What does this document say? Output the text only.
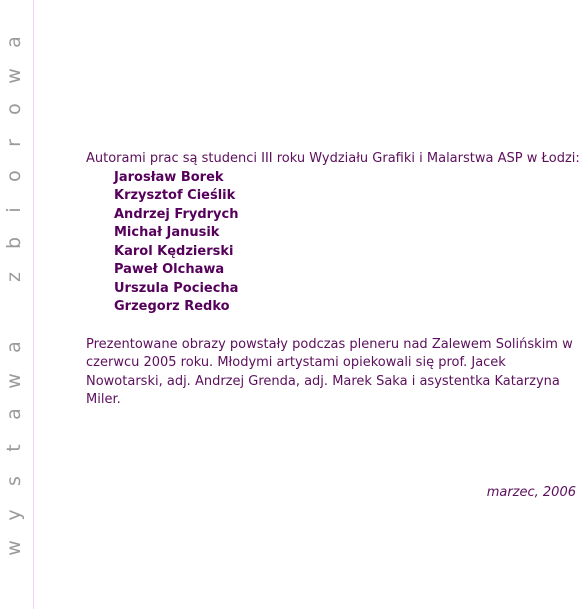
w
y
s
t
a
w
a
z
b
i
o
r
o
w
a

Autorami prac są studenci III roku Wydziału Grafiki i Malarstwa ASP w Łodzi:

Jarosław Borek
Krzysztof Cieślik
Andrzej Frydrych
Michał Janusik
Karol Kędzierski
Paweł Olchawa
Urszula Pociecha
Grzegorz Redko

Prezentowane obrazy powstały podczas pleneru nad Zalewem Solińskim w czerwcu 2005 roku. Młodymi artystami opiekowali się prof. Jacek Nowotarski, adj. Andrzej Grenda, adj. Marek Saka i asystentka Katarzyna Miler.

marzec, 2006
